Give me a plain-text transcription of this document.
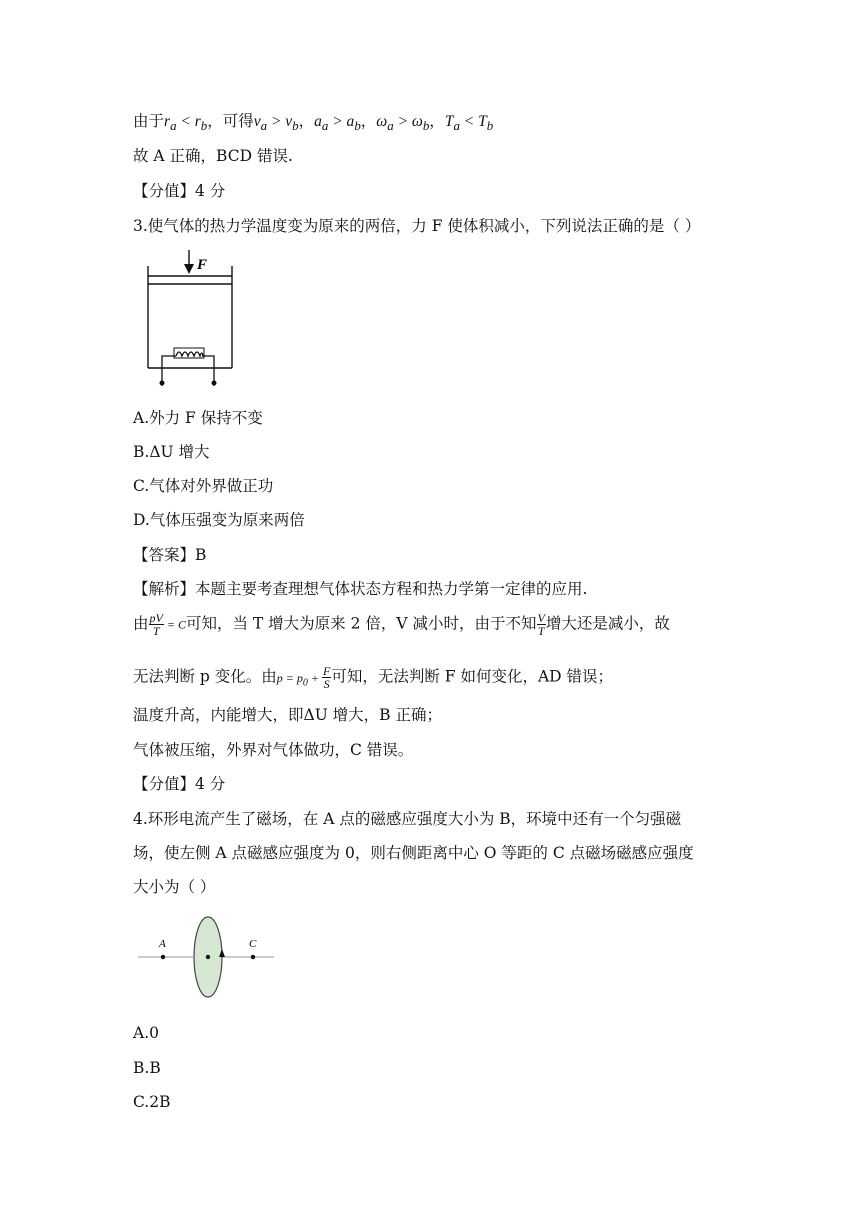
由于$r_a < r_b$，可得$v_a > v_b$，$a_a > a_b$，$\omega_a > \omega_b$，$T_a < T_b$
故 A 正确，BCD 错误.
【分值】4 分
3.使气体的热力学温度变为原来的两倍，力 F 使体积减小，下列说法正确的是（ ）
F
A.外力 F 保持不变
B.ΔU 增大
C.气体对外界做正功
D.气体压强变为原来两倍
【答案】B
【解析】本题主要考查理想气体状态方程和热力学第一定律的应用.
由 $\frac{pV}{T} = C$可知，当 T 增大为原来 2 倍，V 减小时，由于不知 $\frac{V}{T}$ 增大还是减小，故
无法判断 p 变化。由$p = p_0 + \frac{F}{S}$ 可知，无法判断 F 如何变化，AD 错误；
温度升高，内能增大，即ΔU 增大，B 正确；
气体被压缩，外界对气体做功，C 错误。
【分值】4 分
4.环形电流产生了磁场，在 A 点的磁感应强度大小为 B，环境中还有一个匀强磁
场，使左侧 A 点磁感应强度为 0，则右侧距离中心 O 等距的 C 点磁场磁感应强度
大小为（ ）
A	C
A.0
B.B
C.2B
